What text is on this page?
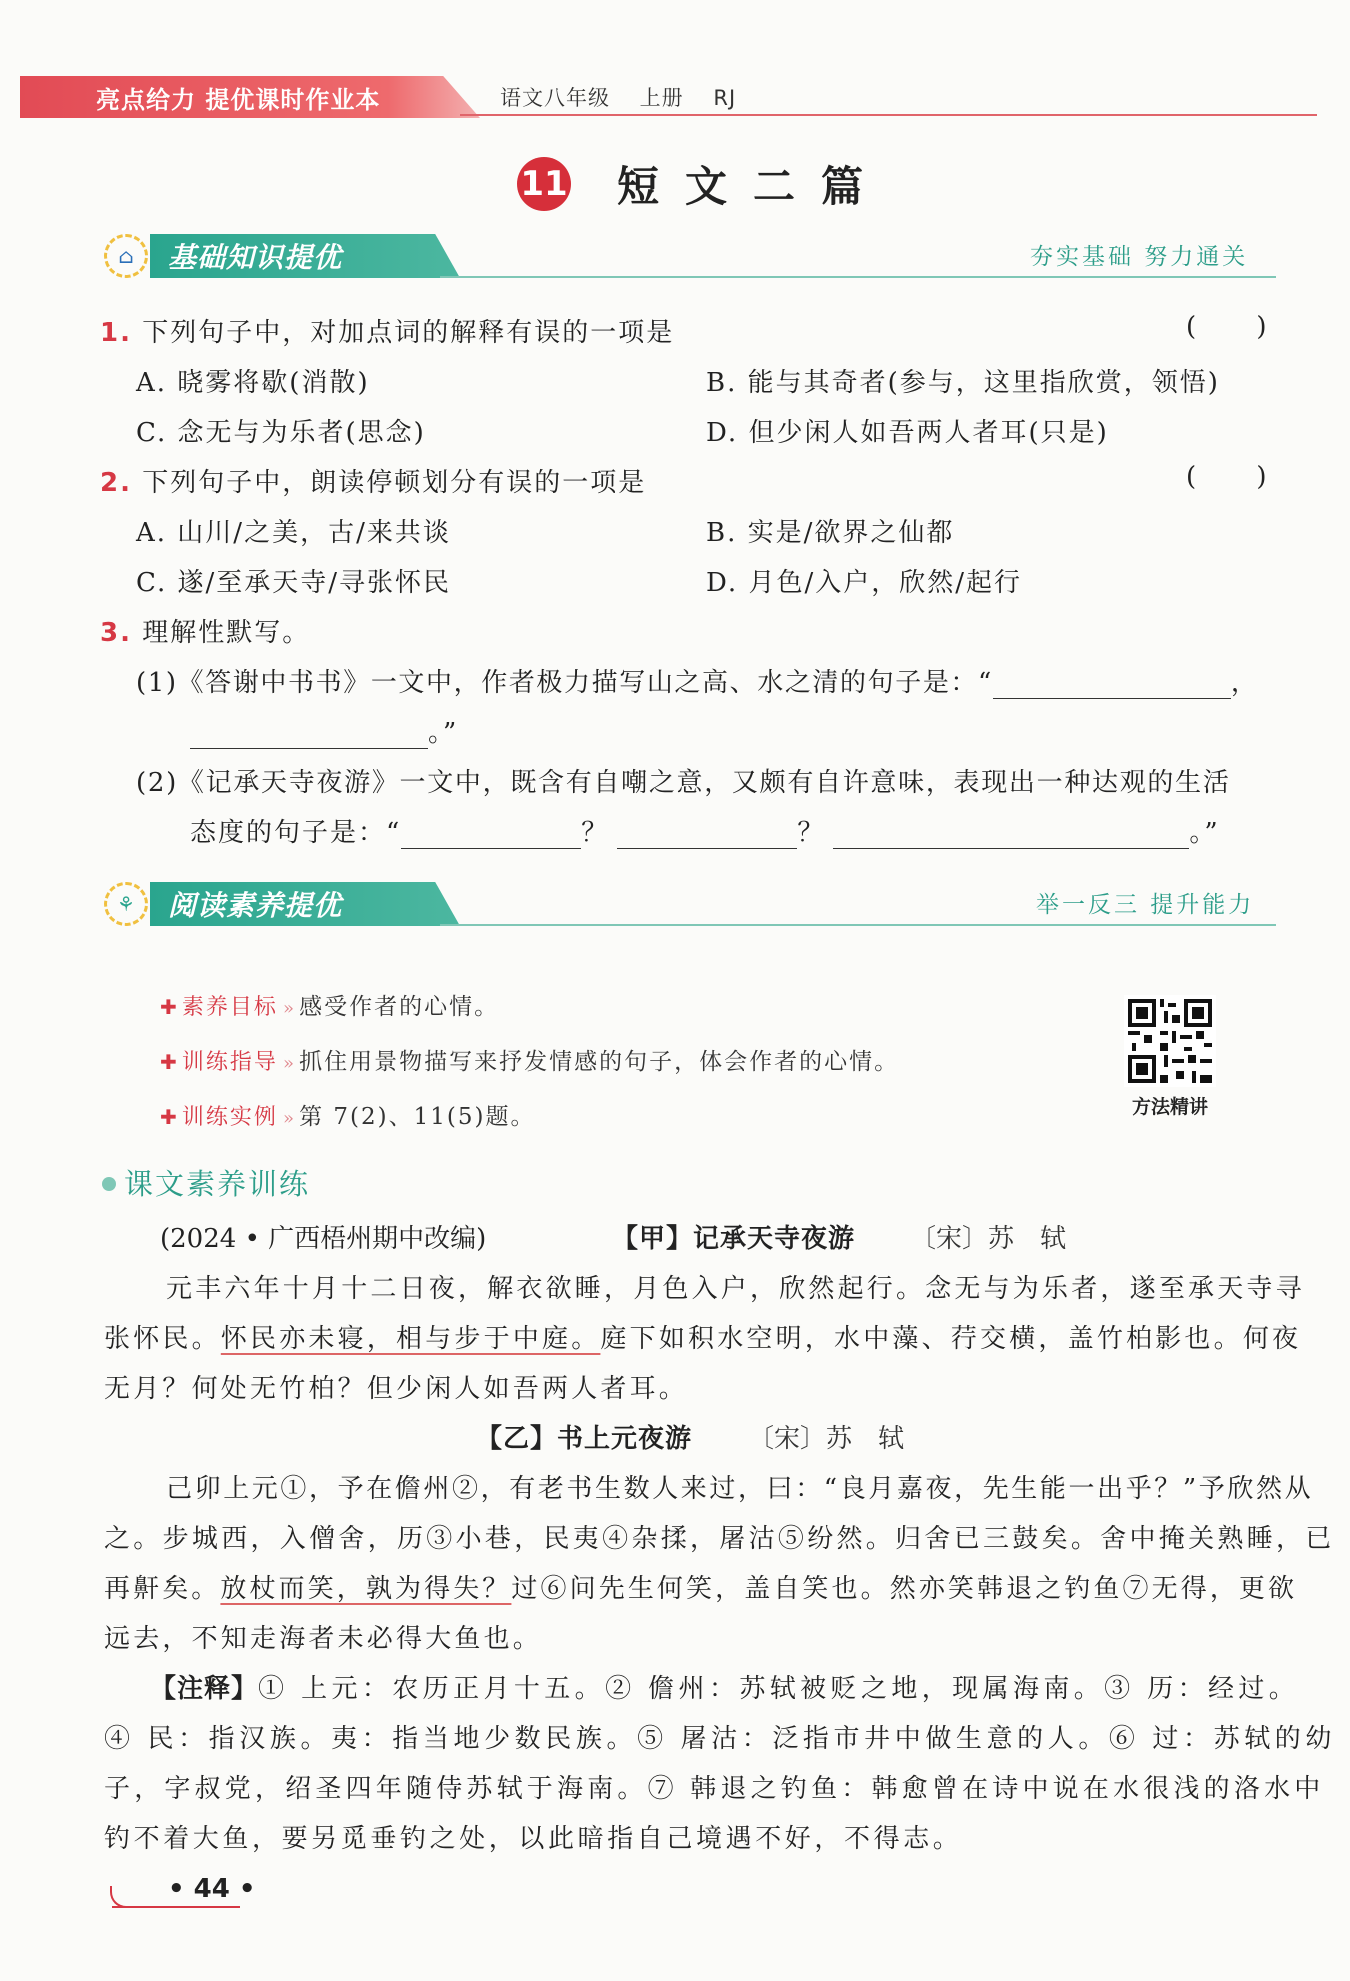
亮点给力 提优课时作业本	语文八年级 上册 RJ
11 短文二篇
⌂	基础知识提优	夯实基础 努力通关
1. 下列句子中，对加点词的解释有误的一项是	( )
A. 晓雾将歇(消散)	B. 能与其奇者(参与，这里指欣赏，领悟)
C. 念无与为乐者(思念)	D. 但少闲人如吾两人者耳(只是)
2. 下列句子中，朗读停顿划分有误的一项是	( )
A. 山川/之美，古/来共谈	B. 实是/欲界之仙都
C. 遂/至承天寺/寻张怀民	D. 月色/入户，欣然/起行
3. 理解性默写。
(1)《答谢中书书》一文中，作者极力描写山之高、水之清的句子是：“	，
。”
(2)《记承天寺夜游》一文中，既含有自嘲之意，又颇有自许意味，表现出一种达观的生活
态度的句子是：“	？	？	。”
⚘	阅读素养提优	举一反三 提升能力
✚ 素养目标 » 感受作者的心情。
✚ 训练指导 » 抓住用景物描写来抒发情感的句子，体会作者的心情。
✚ 训练实例 » 第 7(2)、11(5)题。	方法精讲
课文素养训练
(2024 • 广西梧州期中改编)	【甲】记承天寺夜游 〔宋〕苏　轼
元丰六年十月十二日夜，解衣欲睡，月色入户，欣然起行。念无与为乐者，遂至承天寺寻
张怀民。怀民亦未寝，相与步于中庭。庭下如积水空明，水中藻、荇交横，盖竹柏影也。何夜
无月？何处无竹柏？但少闲人如吾两人者耳。
【乙】书上元夜游 〔宋〕苏　轼
己卯上元①，予在儋州②，有老书生数人来过，曰：“良月嘉夜，先生能一出乎？”予欣然从
之。步城西，入僧舍，历③小巷，民夷④杂揉，屠沽⑤纷然。归舍已三鼓矣。舍中掩关熟睡，已
再鼾矣。放杖而笑，孰为得失？过⑥问先生何笑，盖自笑也。然亦笑韩退之钓鱼⑦无得，更欲
远去，不知走海者未必得大鱼也。
【注释】① 上元：农历正月十五。② 儋州：苏轼被贬之地，现属海南。③ 历：经过。
④ 民：指汉族。夷：指当地少数民族。⑤ 屠沽：泛指市井中做生意的人。⑥ 过：苏轼的幼
子，字叔党，绍圣四年随侍苏轼于海南。⑦ 韩退之钓鱼：韩愈曾在诗中说在水很浅的洛水中
钓不着大鱼，要另觅垂钓之处，以此暗指自己境遇不好，不得志。
• 44 •
